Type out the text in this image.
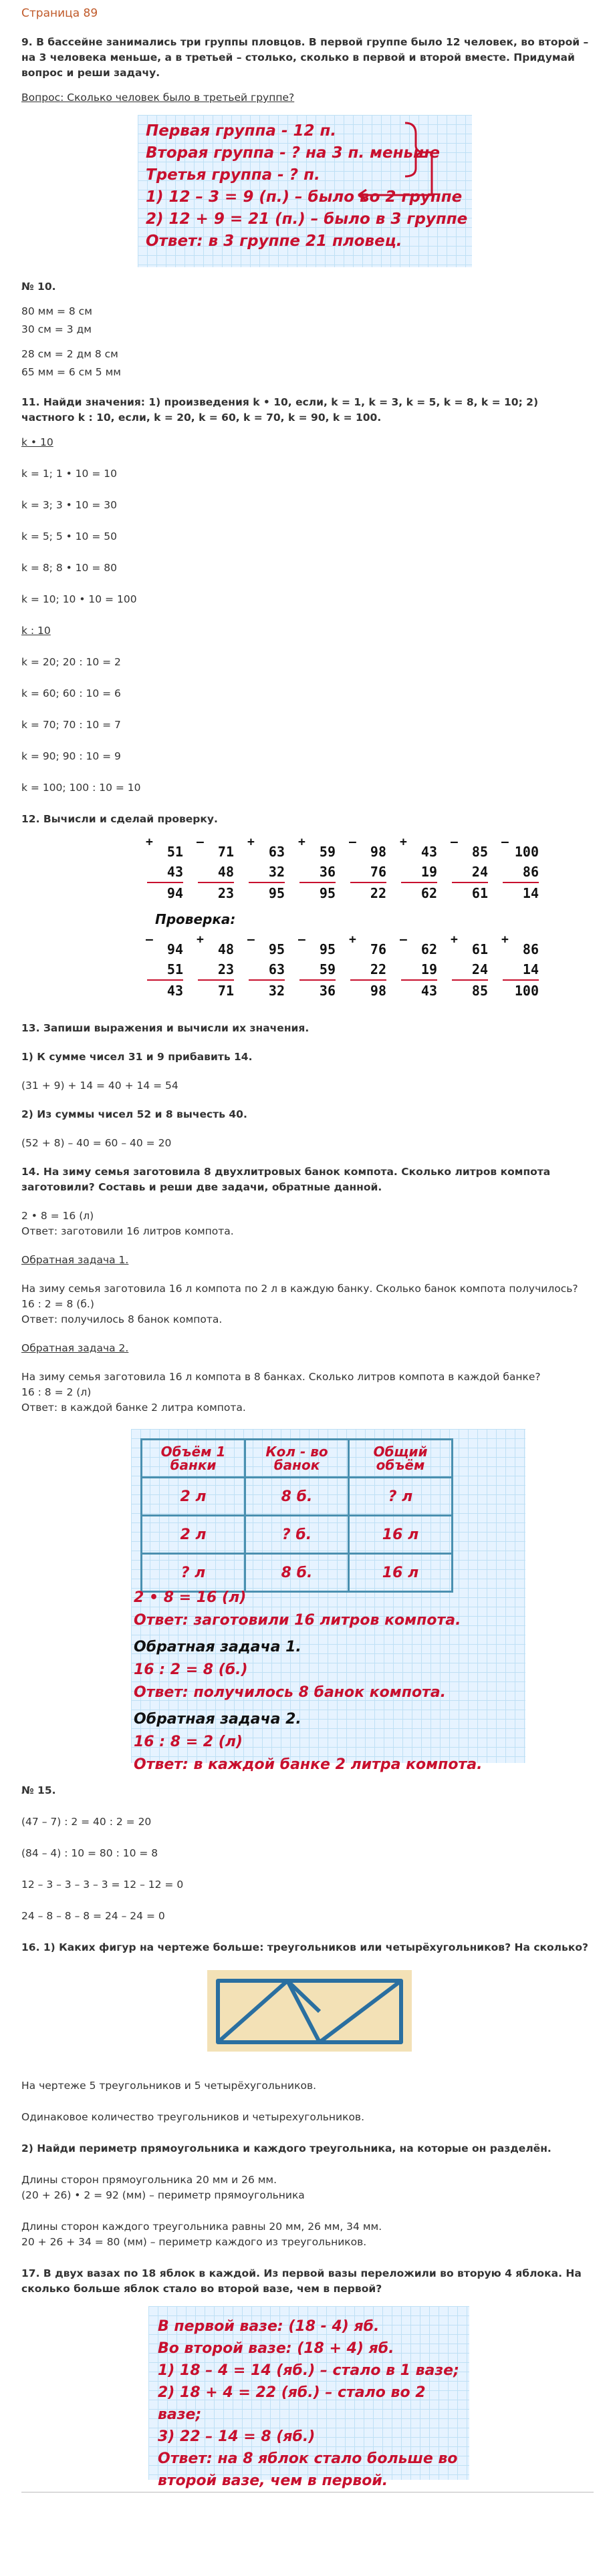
Страница 89
9. В бассейне занимались три группы пловцов. В первой группе было 12 человек, во второй – на 3 человека меньше, а в третьей – столько, сколько в первой и второй вместе. Придумай вопрос и реши задачу.
Вопрос: Сколько человек было в третьей группе?
Первая группа - 12 п.
Вторая группа - ? на 3 п. меньше
Третья группа - ? п.
1) 12 – 3 = 9 (п.) – было во 2 группе
2) 12 + 9 = 21 (п.) – было в 3 группе
Ответ: в 3 группе 21 пловец.
№ 10.
80 мм = 8 см
30 см = 3 дм
28 см = 2 дм 8 см
65 мм = 6 см 5 мм
11. Найди значения: 1) произведения k • 10, если, k = 1, k = 3, k = 5, k = 8, k = 10; 2) частного k : 10, если, k = 20, k = 60, k = 70, k = 90, k = 100.
k • 10
k = 1; 1 • 10 = 10
k = 3; 3 • 10 = 30
k = 5; 5 • 10 = 50
k = 8; 8 • 10 = 80
k = 10; 10 • 10 = 100
k : 10
k = 20; 20 : 10 = 2
k = 60; 60 : 10 = 6
k = 70; 70 : 10 = 7
k = 90; 90 : 10 = 9
k = 100; 100 : 10 = 10
12. Вычисли и сделай проверку.
+
51
43
94
–
71
48
23
+
63
32
95
+
59
36
95
–
98
76
22
+
43
19
62
–
85
24
61
–
100
86
14
Проверка:
–
94
51
43
+
48
23
71
–
95
63
32
–
95
59
36
+
76
22
98
–
62
19
43
+
61
24
85
+
86
14
100
13. Запиши выражения и вычисли их значения.
1) К сумме чисел 31 и 9 прибавить 14.
(31 + 9) + 14 = 40 + 14 = 54
2) Из суммы чисел 52 и 8 вычесть 40.
(52 + 8) – 40 = 60 – 40 = 20
14. На зиму семья заготовила 8 двухлитровых банок компота. Сколько литров компота заготовили? Составь и реши две задачи, обратные данной.
2 • 8 = 16 (л)
Ответ: заготовили 16 литров компота.
Обратная задача 1.
На зиму семья заготовила 16 л компота по 2 л в каждую банку. Сколько банок компота получилось?
16 : 2 = 8 (б.)
Ответ: получилось 8 банок компота.
Обратная задача 2.
На зиму семья заготовила 16 л компота в 8 банках. Сколько литров компота в каждой банке?
16 : 8 = 2 (л)
Ответ: в каждой банке 2 литра компота.
Объём 1 банки	Кол - во банок	Общий объём

2 л	8 б.	? л
2 л	? б.	16 л
? л	8 б.	16 л
2 • 8 = 16 (л)
Ответ: заготовили 16 литров компота.
Обратная задача 1.
16 : 2 = 8 (б.)
Ответ: получилось 8 банок компота.
Обратная задача 2.
16 : 8 = 2 (л)
Ответ: в каждой банке 2 литра компота.
№ 15.
(47 – 7) : 2 = 40 : 2 = 20
(84 – 4) : 10 = 80 : 10 = 8
12 – 3 – 3 – 3 – 3 = 12 – 12 = 0
24 – 8 – 8 – 8 = 24 – 24 = 0
16. 1) Каких фигур на чертеже больше: треугольников или четырёхугольников? На сколько?
На чертеже 5 треугольников и 5 четырёхугольников.
Одинаковое количество треугольников и четырехугольников.
2) Найди периметр прямоугольника и каждого треугольника, на которые он разделён.
Длины сторон прямоугольника 20 мм и 26 мм.
(20 + 26) • 2 = 92 (мм) – периметр прямоугольника
Длины сторон каждого треугольника равны 20 мм, 26 мм, 34 мм.
20 + 26 + 34 = 80 (мм) – периметр каждого из треугольников.
17. В двух вазах по 18 яблок в каждой. Из первой вазы переложили во вторую 4 яблока. На сколько больше яблок стало во второй вазе, чем в первой?
В первой вазе: (18 - 4) яб.
Во второй вазе: (18 + 4) яб.
1) 18 – 4 = 14 (яб.) – стало в 1 вазе;
2) 18 + 4 = 22 (яб.) – стало во 2 вазе;
3) 22 – 14 = 8 (яб.)
Ответ: на 8 яблок стало больше во
второй вазе, чем в первой.
